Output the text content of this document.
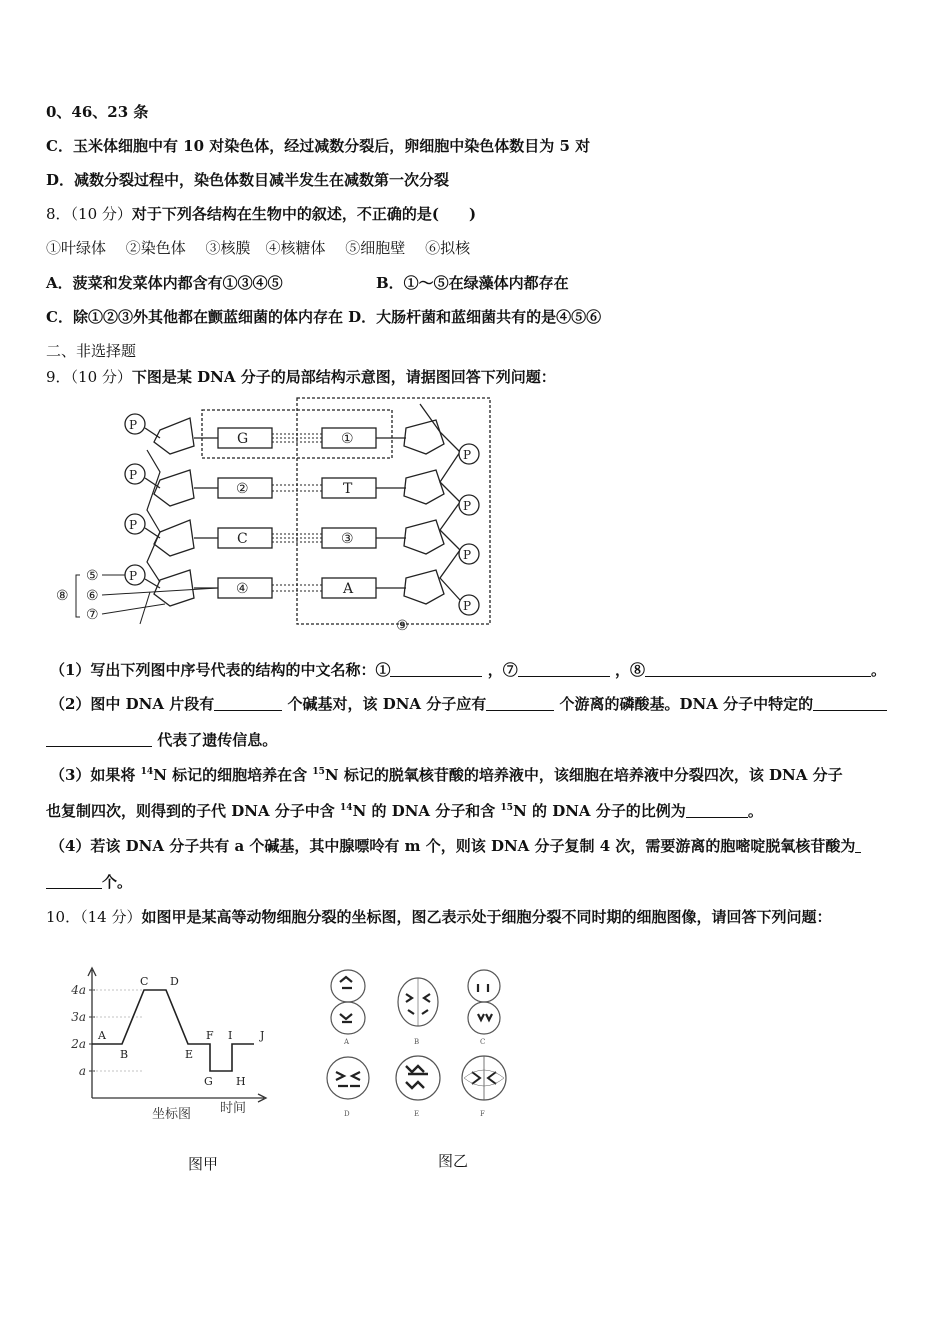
0、46、23 条
C．玉米体细胞中有 10 对染色体，经过减数分裂后，卵细胞中染色体数目为 5 对
D．减数分裂过程中，染色体数目减半发生在减数第一次分裂
8．（10 分）对于下列各结构在生物中的叙述，不正确的是(　　)
①叶绿体　 ②染色体　 ③核膜　④核糖体　 ⑤细胞壁　 ⑥拟核
A．菠菜和发菜体内都含有①③④⑤	B．①～⑤在绿藻体内都存在
C．除①②③外其他都在颤蓝细菌的体内存在 D．大肠杆菌和蓝细菌共有的是④⑤⑥
二、非选择题
9．（10 分）下图是某 DNA 分子的局部结构示意图，请据图回答下列问题：
⑨
P
P
P
P
G
②
C
④
①
T
③
A
P
P
P
P
⑤
⑥
⑦
⑧
（1）写出下列图中序号代表的结构的中文名称：①	，⑦	，⑧	。
（2）图中 DNA 片段有	个碱基对，该 DNA 分子应有	个游离的磷酸基。DNA 分子中特定的
代表了遗传信息。
（3）如果将 $^{14}$N 标记的细胞培养在含 $^{15}$N 标记的脱氧核苷酸的培养液中，该细胞在培养液中分裂四次，该 DNA 分子
也复制四次，则得到的子代 DNA 分子中含 $^{14}$N 的 DNA 分子和含 $^{15}$N 的 DNA 分子的比例为	。
（4）若该 DNA 分子共有 a 个碱基，其中腺嘌呤有 m 个，则该 DNA 分子复制 4 次，需要游离的胞嘧啶脱氧核苷酸为
个。
10．（14 分）如图甲是某高等动物细胞分裂的坐标图，图乙表示处于细胞分裂不同时期的细胞图像，请回答下列问题：
a
2a
3a
4a
A
B
C D
E
F
G H
I	J
坐标图 时间
图甲
A	B	C
D	E	F
图乙
